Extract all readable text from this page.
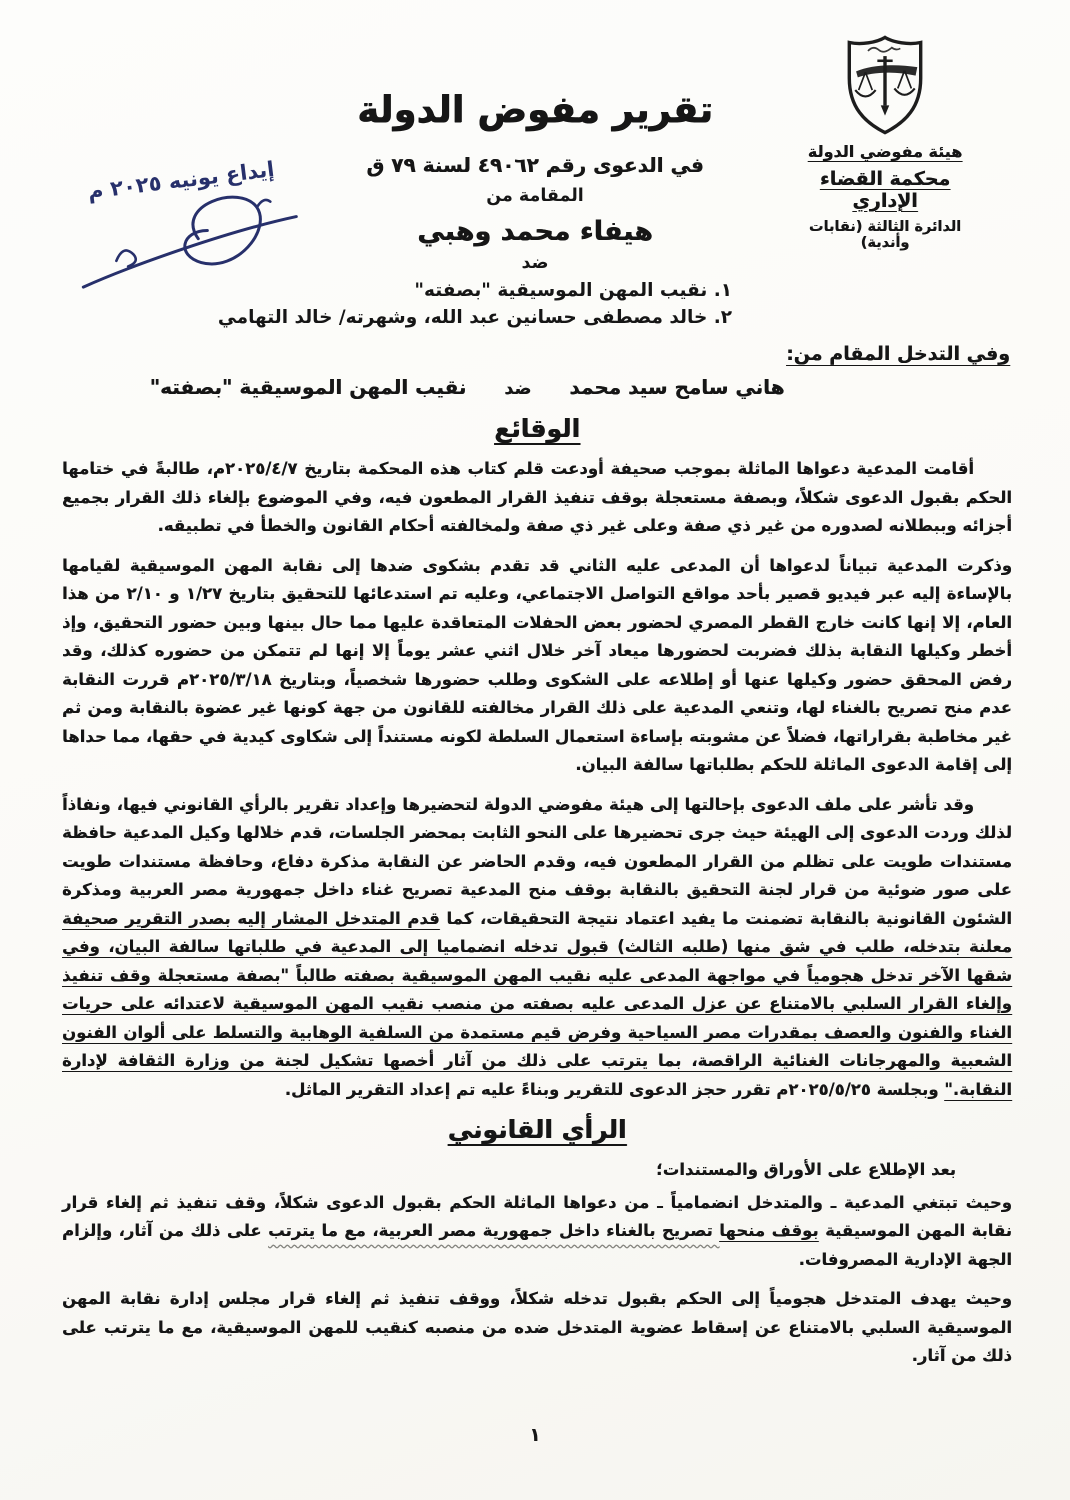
هيئة مفوضي الدولة
محكمة القضاء الإداري
الدائرة الثالثة (نقابات وأندية)
إيداع يونيه ٢٠٢٥ م
تقرير مفوض الدولة
في الدعوى رقم ٤٩٠٦٢ لسنة ٧٩ ق
المقامة من
هيفاء محمد وهبي
ضد
١. نقيب المهن الموسيقية "بصفته"
٢. خالد مصطفى حسانين عبد الله، وشهرته/ خالد التهامي
وفي التدخل المقام من:
هاني سامح سيد محمدضدنقيب المهن الموسيقية "بصفته"
الوقائع

أقامت المدعية دعواها الماثلة بموجب صحيفة أودعت قلم كتاب هذه المحكمة بتاريخ ٢٠٢٥/٤/٧م، طالبةً في ختامها الحكم بقبول الدعوى شكلاً، وبصفة مستعجلة بوقف تنفيذ القرار المطعون فيه، وفي الموضوع بإلغاء ذلك القرار بجميع أجزائه وببطلانه لصدوره من غير ذي صفة وعلى غير ذي صفة ولمخالفته أحكام القانون والخطأ في تطبيقه.

وذكرت المدعية تبياناً لدعواها أن المدعى عليه الثاني قد تقدم بشكوى ضدها إلى نقابة المهن الموسيقية لقيامها بالإساءة إليه عبر فيديو قصير بأحد مواقع التواصل الاجتماعي، وعليه تم استدعائها للتحقيق بتاريخ ١/٢٧ و ٢/١٠ من هذا العام، إلا إنها كانت خارج القطر المصري لحضور بعض الحفلات المتعاقدة عليها مما حال بينها وبين حضور التحقيق، وإذ أخطر وكيلها النقابة بذلك فضربت لحضورها ميعاد آخر خلال اثني عشر يوماً إلا إنها لم تتمكن من حضوره كذلك، وقد رفض المحقق حضور وكيلها عنها أو إطلاعه على الشكوى وطلب حضورها شخصياً، وبتاريخ ٢٠٢٥/٣/١٨م قررت النقابة عدم منح تصريح بالغناء لها، وتنعي المدعية على ذلك القرار مخالفته للقانون من جهة كونها غير عضوة بالنقابة ومن ثم غير مخاطبة بقراراتها، فضلاً عن مشوبته بإساءة استعمال السلطة لكونه مستنداً إلى شكاوى كيدية في حقها، مما حداها إلى إقامة الدعوى الماثلة للحكم بطلباتها سالفة البيان.

وقد تأشر على ملف الدعوى بإحالتها إلى هيئة مفوضي الدولة لتحضيرها وإعداد تقرير بالرأي القانوني فيها، ونفاذاً لذلك وردت الدعوى إلى الهيئة حيث جرى تحضيرها على النحو الثابت بمحضر الجلسات، قدم خلالها وكيل المدعية حافظة مستندات طويت على تظلم من القرار المطعون فيه، وقدم الحاضر عن النقابة مذكرة دفاع، وحافظة مستندات طويت على صور ضوئية من قرار لجنة التحقيق بالنقابة بوقف منح المدعية تصريح غناء داخل جمهورية مصر العربية ومذكرة الشئون القانونية بالنقابة تضمنت ما يفيد اعتماد نتيجة التحقيقات، كما قدم المتدخل المشار إليه بصدر التقرير صحيفة معلنة بتدخله، طلب في شق منها (طلبه الثالث) قبول تدخله انضماميا إلى المدعية في طلباتها سالفة البيان، وفي شقها الآخر تدخل هجومياً في مواجهة المدعى عليه نقيب المهن الموسيقية بصفته طالباً "بصفة مستعجلة وقف تنفيذ وإلغاء القرار السلبي بالامتناع عن عزل المدعى عليه بصفته من منصب نقيب المهن الموسيقية لاعتدائه على حريات الغناء والفنون والعصف بمقدرات مصر السياحية وفرض قيم مستمدة من السلفية الوهابية والتسلط على ألوان الفنون الشعبية والمهرجانات الغنائية الراقصة، بما يترتب على ذلك من آثار أخصها تشكيل لجنة من وزارة الثقافة لإدارة النقابة." وبجلسة ٢٠٢٥/٥/٢٥م تقرر حجز الدعوى للتقرير وبناءً عليه تم إعداد التقرير الماثل.

الرأي القانوني

بعد الإطلاع على الأوراق والمستندات؛

وحيث تبتغي المدعية ـ والمتدخل انضمامياً ـ من دعواها الماثلة الحكم بقبول الدعوى شكلاً، وقف تنفيذ ثم إلغاء قرار نقابة المهن الموسيقية بوقف منحها تصريح بالغناء داخل جمهورية مصر العربية، مع ما يترتب على ذلك من آثار، وإلزام الجهة الإدارية المصروفات.

وحيث يهدف المتدخل هجومياً إلى الحكم بقبول تدخله شكلاً، ووقف تنفيذ ثم إلغاء قرار مجلس إدارة نقابة المهن الموسيقية السلبي بالامتناع عن إسقاط عضوية المتدخل ضده من منصبه كنقيب للمهن الموسيقية، مع ما يترتب على ذلك من آثار.

١
